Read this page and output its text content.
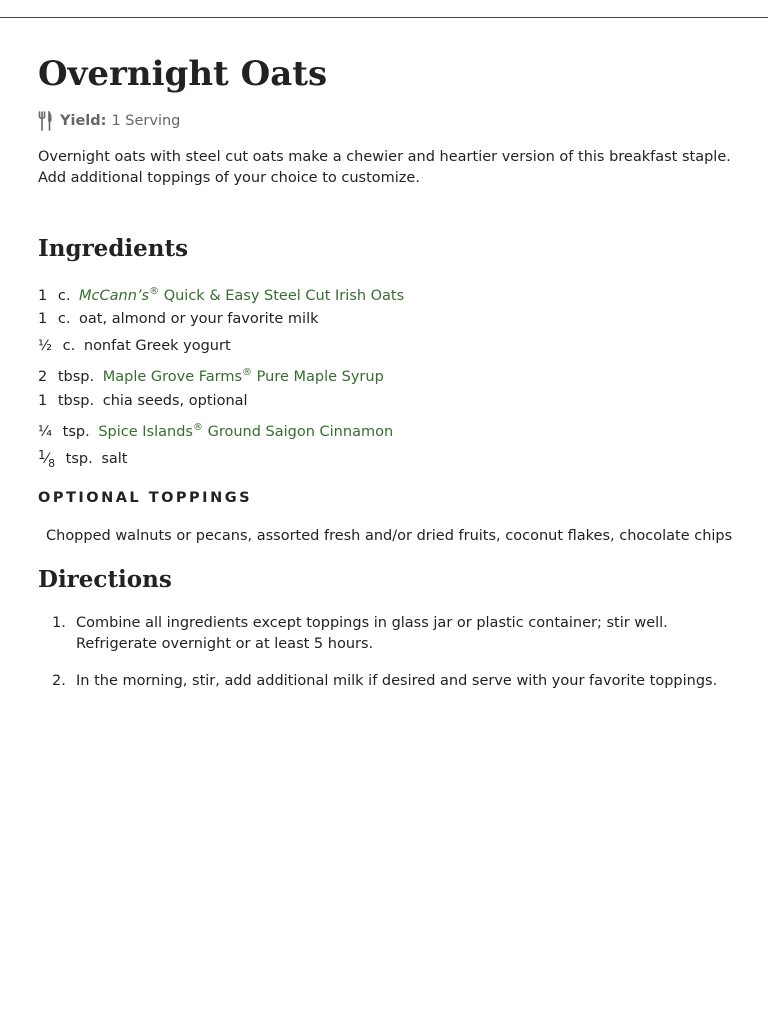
Overnight Oats
Yield: 1 Serving

Overnight oats with steel cut oats make a chewier and heartier version of this breakfast staple. Add additional toppings of your choice to customize.

Ingredients
1 c. McCann’s® Quick & Easy Steel Cut Irish Oats
1 c. oat, almond or your favorite milk
½ c. nonfat Greek yogurt
2 tbsp. Maple Grove Farms® Pure Maple Syrup
1 tbsp. chia seeds, optional
¼ tsp. Spice Islands® Ground Saigon Cinnamon
$^1⁄_8$ tsp. salt
OPTIONAL TOPPINGS

Chopped walnuts or pecans, assorted fresh and/or dried fruits, coconut flakes, chocolate chips

Directions
1. Combine all ingredients except toppings in glass jar or plastic container; stir well. Refrigerate overnight or at least 5 hours.
2. In the morning, stir, add additional milk if desired and serve with your favorite toppings.
